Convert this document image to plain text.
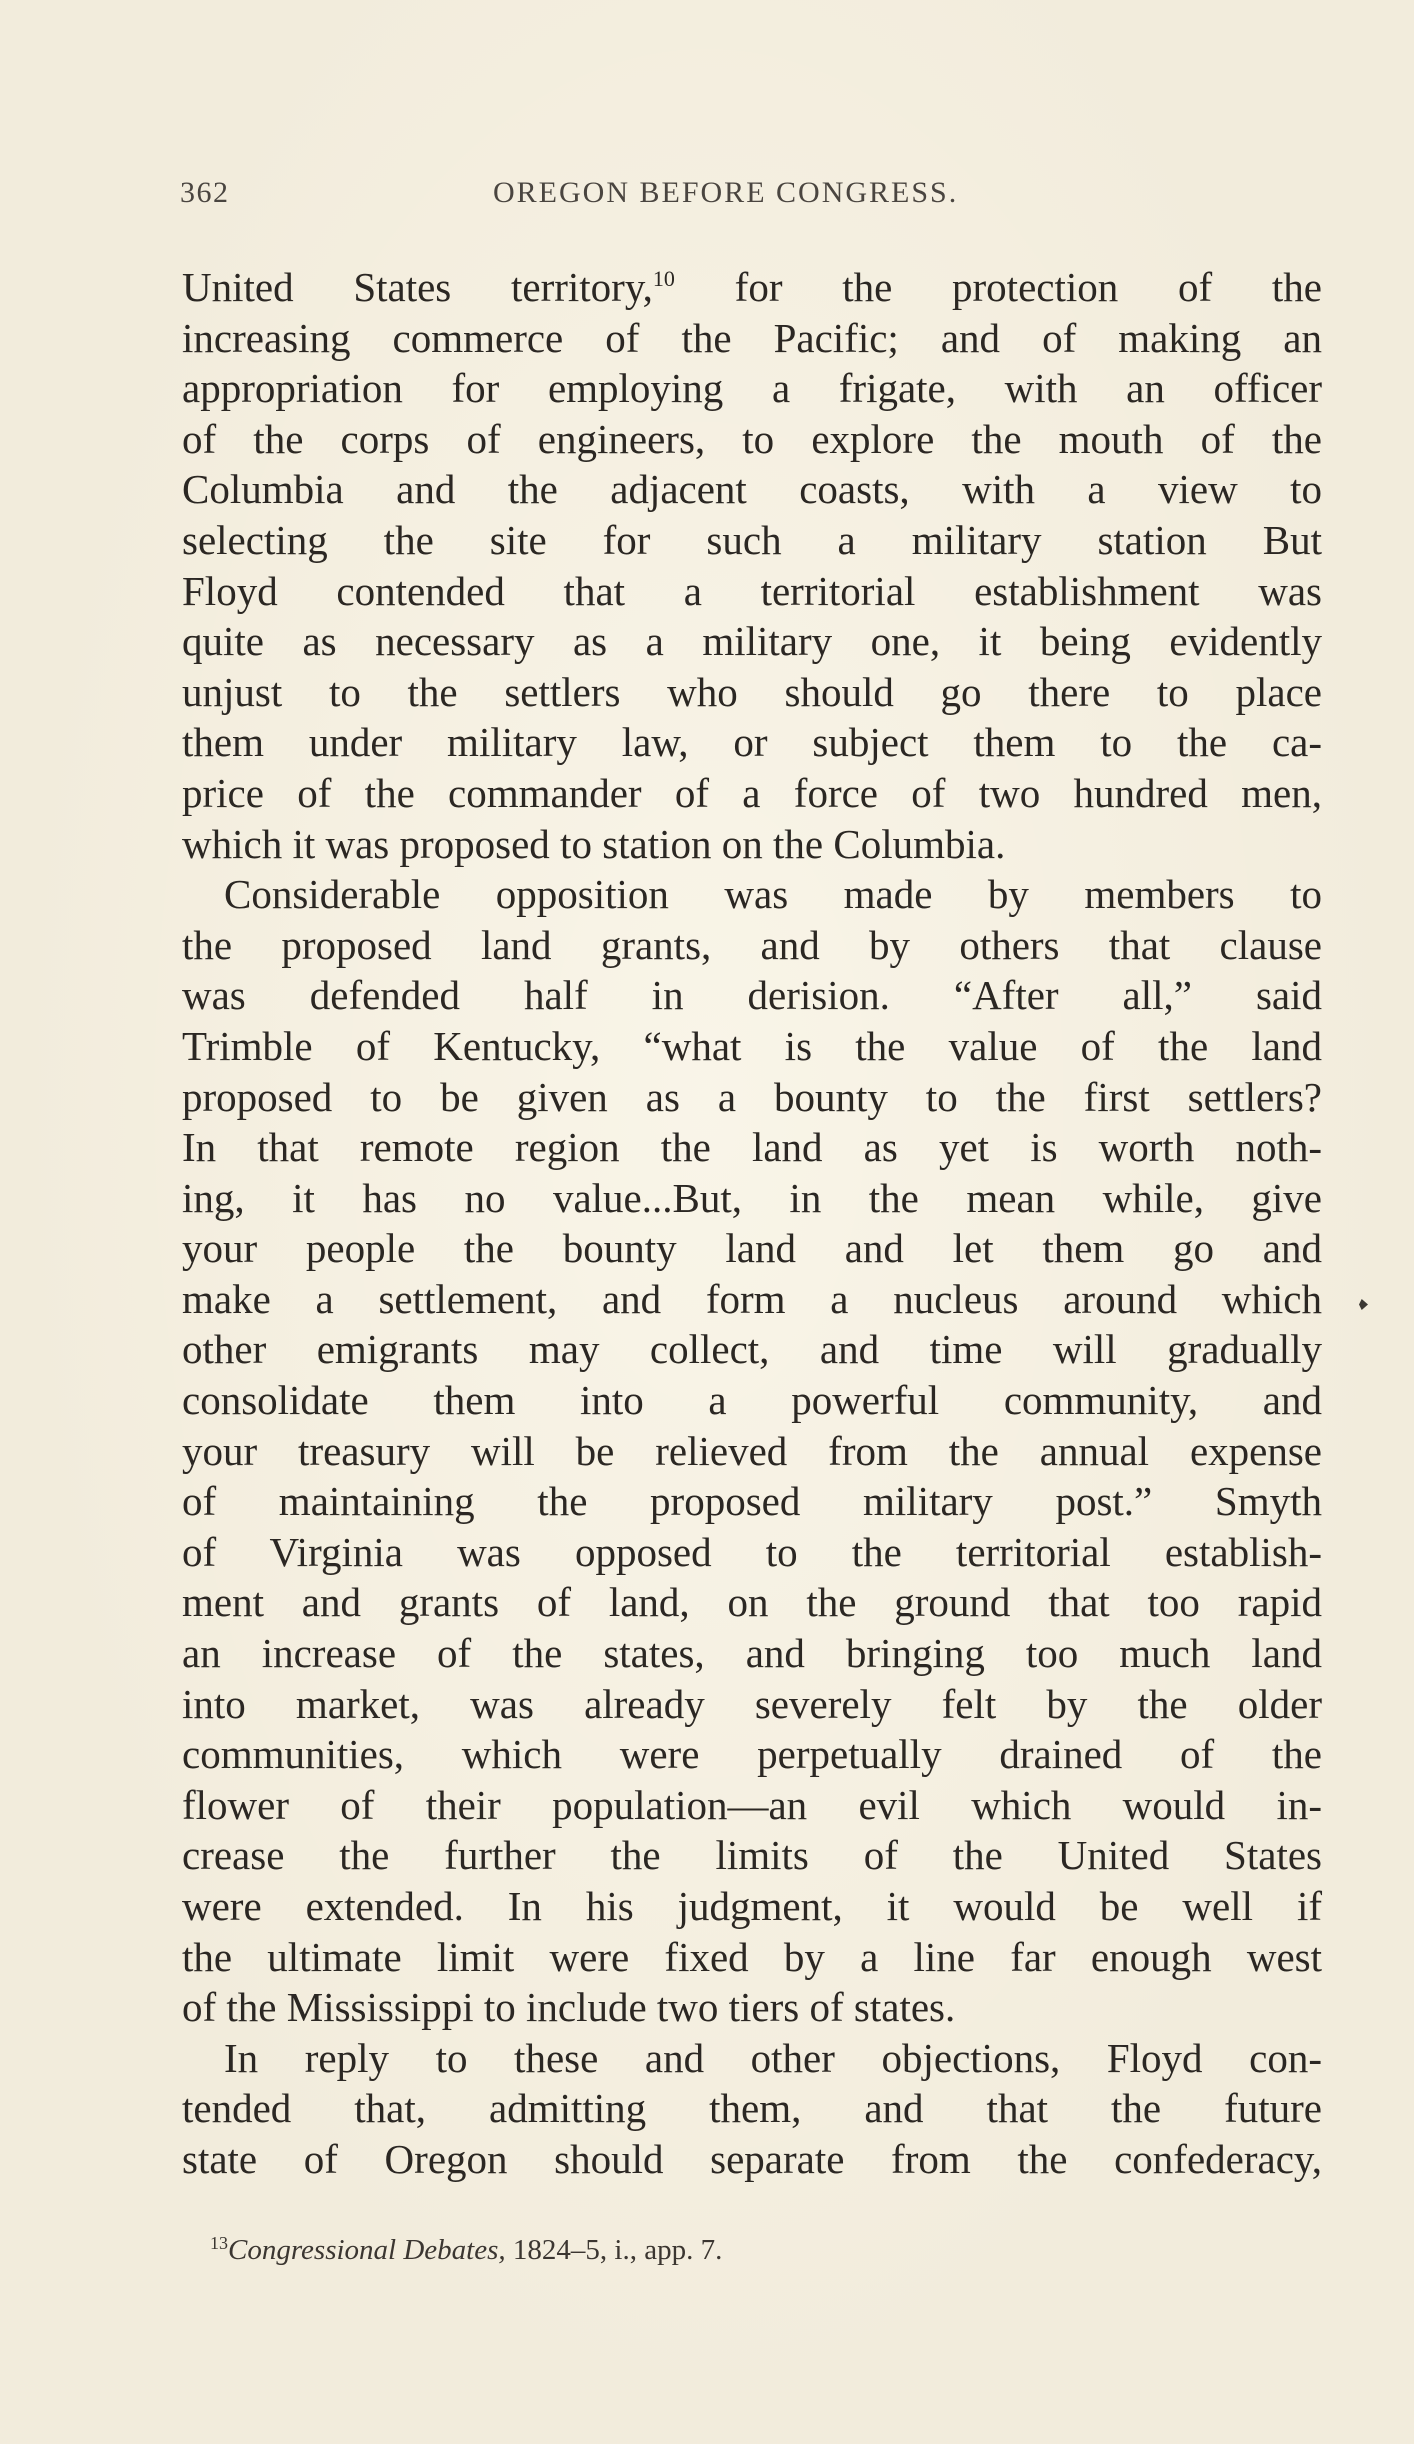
362	OREGON BEFORE CONGRESS.
United States territory,$^{10}$ for the protection of the
increasing commerce of the Pacific; and of making an
appropriation for employing a frigate, with an officer
of the corps of engineers, to explore the mouth of the
Columbia and the adjacent coasts, with a view to
selecting the site for such a military station But
Floyd contended that a territorial establishment was
quite as necessary as a military one, it being evidently
unjust to the settlers who should go there to place
them under military law, or subject them to the ca-
price of the commander of a force of two hundred men,
which it was proposed to station on the Columbia.
Considerable opposition was made by members to
the proposed land grants, and by others that clause
was defended half in derision. “After all,” said
Trimble of Kentucky, “what is the value of the land
proposed to be given as a bounty to the first settlers?
In that remote region the land as yet is worth noth-
ing, it has no value...But, in the mean while, give
your people the bounty land and let them go and
make a settlement, and form a nucleus around which
other emigrants may collect, and time will gradually
consolidate them into a powerful community, and
your treasury will be relieved from the annual expense
of maintaining the proposed military post.” Smyth
of Virginia was opposed to the territorial establish-
ment and grants of land, on the ground that too rapid
an increase of the states, and bringing too much land
into market, was already severely felt by the older
communities, which were perpetually drained of the
flower of their population—an evil which would in-
crease the further the limits of the United States
were extended. In his judgment, it would be well if
the ultimate limit were fixed by a line far enough west
of the Mississippi to include two tiers of states.
In reply to these and other objections, Floyd con-
tended that, admitting them, and that the future
state of Oregon should separate from the confederacy,
$^{13}$Congressional Debates, 1824–5, i., app. 7.
